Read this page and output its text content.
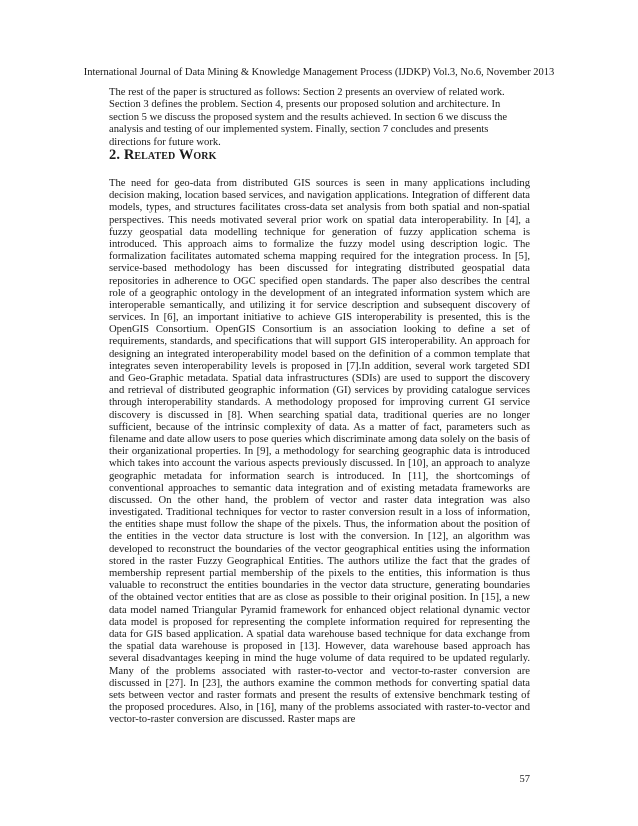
International Journal of Data Mining & Knowledge Management Process (IJDKP) Vol.3, No.6, November 2013

The rest of the paper is structured as follows: Section 2 presents an overview of related work. Section 3 defines the problem. Section 4, presents our proposed solution and architecture. In section 5 we discuss the proposed system and the results achieved. In section 6 we discuss the analysis and testing of our implemented system. Finally, section 7 concludes and presents directions for future work.

2. Related Work

The need for geo-data from distributed GIS sources is seen in many applications including decision making, location based services, and navigation applications. Integration of different data models, types, and structures facilitates cross-data set analysis from both spatial and non-spatial perspectives. This needs motivated several prior work on spatial data interoperability. In [4], a fuzzy geospatial data modelling technique for generation of fuzzy application schema is introduced. This approach aims to formalize the fuzzy model using description logic. The formalization facilitates automated schema mapping required for the integration process. In [5], service-based methodology has been discussed for integrating distributed geospatial data repositories in adherence to OGC specified open standards. The paper also describes the central role of a geographic ontology in the development of an integrated information system which are interoperable semantically, and utilizing it for service description and subsequent discovery of services. In [6], an important initiative to achieve GIS interoperability is presented, this is the OpenGIS Consortium. OpenGIS Consortium is an association looking to define a set of requirements, standards, and specifications that will support GIS interoperability. An approach for designing an integrated interoperability model based on the definition of a common template that integrates seven interoperability levels is proposed in [7].In addition, several work targeted SDI and Geo-Graphic metadata. Spatial data infrastructures (SDIs) are used to support the discovery and retrieval of distributed geographic information (GI) services by providing catalogue services through interoperability standards. A methodology proposed for improving current GI service discovery is discussed in [8]. When searching spatial data, traditional queries are no longer sufficient, because of the intrinsic complexity of data. As a matter of fact, parameters such as filename and date allow users to pose queries which discriminate among data solely on the basis of their organizational properties. In [9], a methodology for searching geographic data is introduced which takes into account the various aspects previously discussed. In [10], an approach to analyze geographic metadata for information search is introduced. In [11], the shortcomings of conventional approaches to semantic data integration and of existing metadata frameworks are discussed. On the other hand, the problem of vector and raster data integration was also investigated. Traditional techniques for vector to raster conversion result in a loss of information, the entities shape must follow the shape of the pixels. Thus, the information about the position of the entities in the vector data structure is lost with the conversion. In [12], an algorithm was developed to reconstruct the boundaries of the vector geographical entities using the information stored in the raster Fuzzy Geographical Entities. The authors utilize the fact that the grades of membership represent partial membership of the pixels to the entities, this information is thus valuable to reconstruct the entities boundaries in the vector data structure, generating boundaries of the obtained vector entities that are as close as possible to their original position. In [15], a new data model named Triangular Pyramid framework for enhanced object relational dynamic vector data model is proposed for representing the complete information required for representing the data for GIS based application. A spatial data warehouse based technique for data exchange from the spatial data warehouse is proposed in [13]. However, data warehouse based approach has several disadvantages keeping in mind the huge volume of data required to be updated regularly. Many of the problems associated with raster-to-vector and vector-to-raster conversion are discussed in [27]. In [23], the authors examine the common methods for converting spatial data sets between vector and raster formats and present the results of extensive benchmark testing of the proposed procedures. Also, in [16], many of the problems associated with raster-to-vector and vector-to-raster conversion are discussed. Raster maps are

57
